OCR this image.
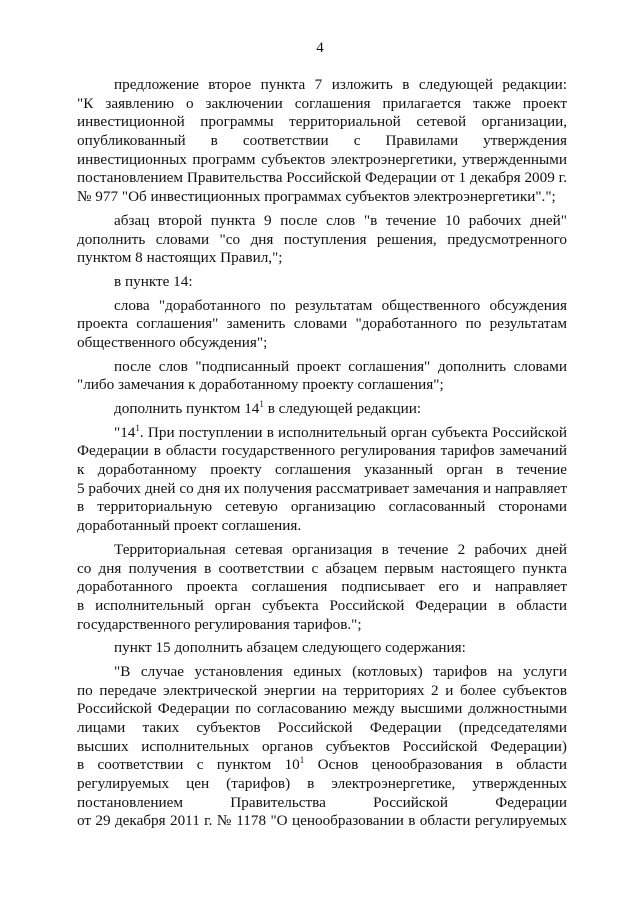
4
предложение второе пункта 7 изложить в следующей редакции:
"К заявлению о заключении соглашения прилагается также проект
инвестиционной программы территориальной сетевой организации,
опубликованный в соответствии с Правилами утверждения
инвестиционных программ субъектов электроэнергетики, утвержденными
постановлением Правительства Российской Федерации от 1 декабря 2009 г.
№ 977 "Об инвестиционных программах субъектов электроэнергетики".";
абзац второй пункта 9 после слов "в течение 10 рабочих дней"
дополнить словами "со дня поступления решения, предусмотренного
пунктом 8 настоящих Правил,";
в пункте 14:
слова "доработанного по результатам общественного обсуждения
проекта соглашения" заменить словами "доработанного по результатам
общественного обсуждения";
после слов "подписанный проект соглашения" дополнить словами
"либо замечания к доработанному проекту соглашения";
дополнить пунктом $14^1$ в следующей редакции:
"$14^1$. При поступлении в исполнительный орган субъекта Российской
Федерации в области государственного регулирования тарифов замечаний
к доработанному проекту соглашения указанный орган в течение
5 рабочих дней со дня их получения рассматривает замечания и направляет
в территориальную сетевую организацию согласованный сторонами
доработанный проект соглашения.
Территориальная сетевая организация в течение 2 рабочих дней
со дня получения в соответствии с абзацем первым настоящего пункта
доработанного проекта соглашения подписывает его и направляет
в исполнительный орган субъекта Российской Федерации в области
государственного регулирования тарифов.";
пункт 15 дополнить абзацем следующего содержания:
"В случае установления единых (котловых) тарифов на услуги
по передаче электрической энергии на территориях 2 и более субъектов
Российской Федерации по согласованию между высшими должностными
лицами таких субъектов Российской Федерации (председателями
высших исполнительных органов субъектов Российской Федерации)
в соответствии с пунктом $10^1$ Основ ценообразования в области
регулируемых цен (тарифов) в электроэнергетике, утвержденных
постановлением Правительства Российской Федерации
от 29 декабря 2011 г. № 1178 "О ценообразовании в области регулируемых
